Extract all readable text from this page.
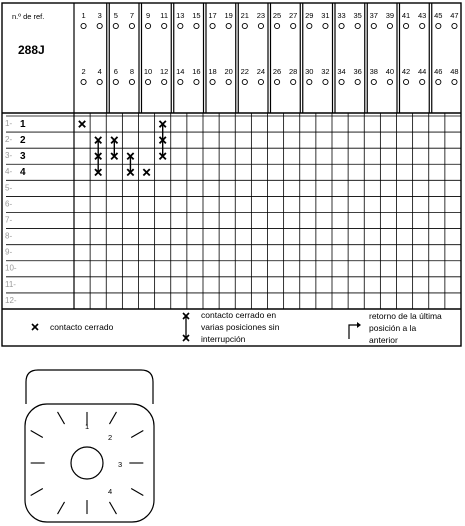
n.º de ref.
288J
1
2
3
4
5
6
7
8
9
10
11
12
13
14
15
16
17
18
19
20
21
22
23
24
25
26
27
28
29
30
31
32
33
34
35
36
37
38
39
40
41
42
43
44
45
46
47
48
1- 1
2- 2
3- 3
4- 4
5-
6-
7-
8-
9-
10-
11-
12-
contacto cerrado
contacto cerrado en
varias posiciones sin
interrupción
retorno de la última
posición a la
anterior
1
2
3
4
